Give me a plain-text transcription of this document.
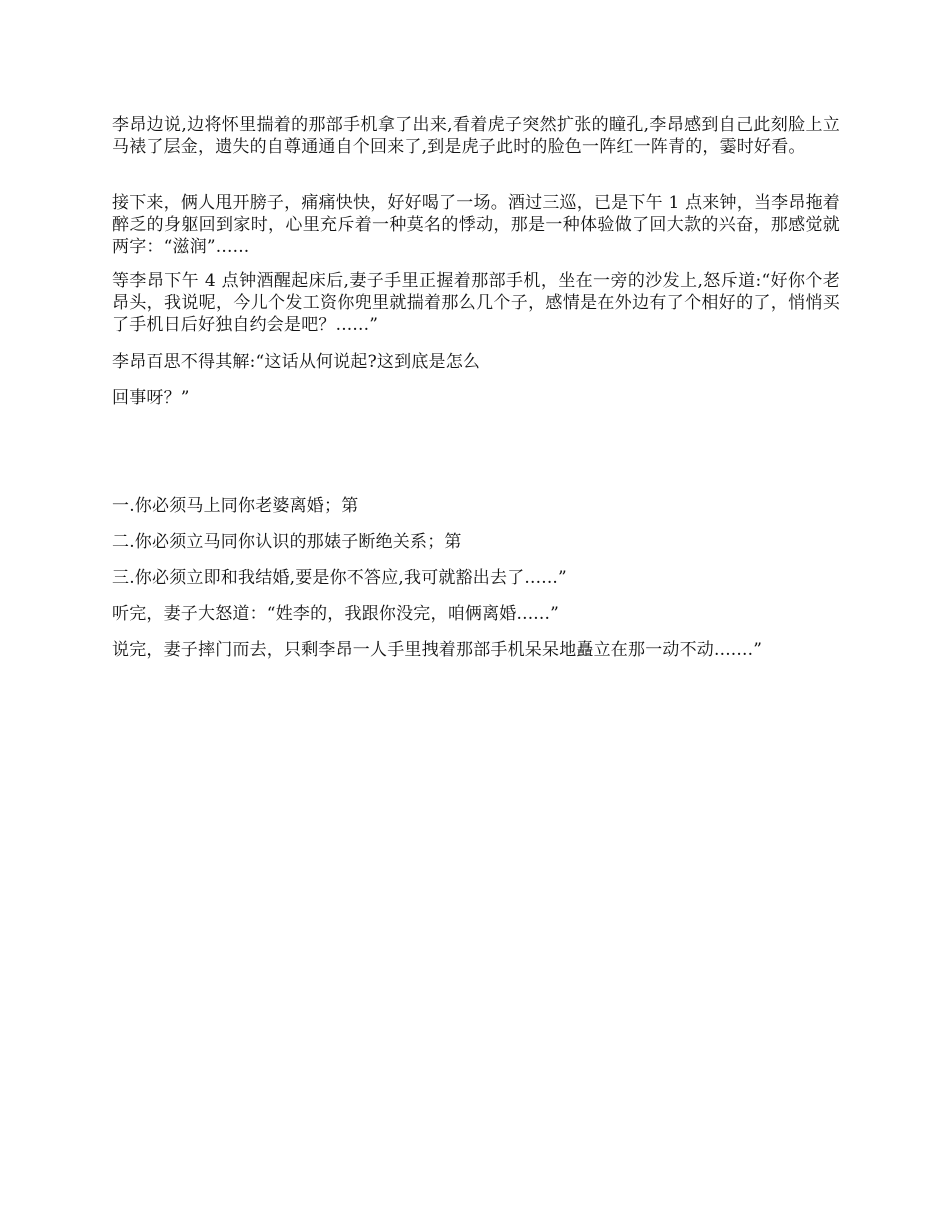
李昂边说,边将怀里揣着的那部手机拿了出来,看着虎子突然扩张的瞳孔,李昂感到自己此刻脸上立马裱了层金，遗失的自尊通通自个回来了,到是虎子此时的脸色一阵红一阵青的，霎时好看。

接下来，俩人甩开膀子，痛痛快快，好好喝了一场。酒过三巡，已是下午 1 点来钟，当李昂拖着醉乏的身躯回到家时，心里充斥着一种莫名的悸动，那是一种体验做了回大款的兴奋，那感觉就两字：“滋润”......

等李昂下午 4 点钟酒醒起床后,妻子手里正握着那部手机，坐在一旁的沙发上,怒斥道:“好你个老昂头，我说呢，今儿个发工资你兜里就揣着那么几个子，感情是在外边有了个相好的了，悄悄买了手机日后好独自约会是吧？......”

李昂百思不得其解:“这话从何说起?这到底是怎么

回事呀？”

一.你必须马上同你老婆离婚；第

二.你必须立马同你认识的那婊子断绝关系；第

三.你必须立即和我结婚,要是你不答应,我可就豁出去了......”

听完，妻子大怒道：“姓李的，我跟你没完，咱俩离婚......”

说完，妻子摔门而去，只剩李昂一人手里拽着那部手机呆呆地矗立在那一动不动.......”
